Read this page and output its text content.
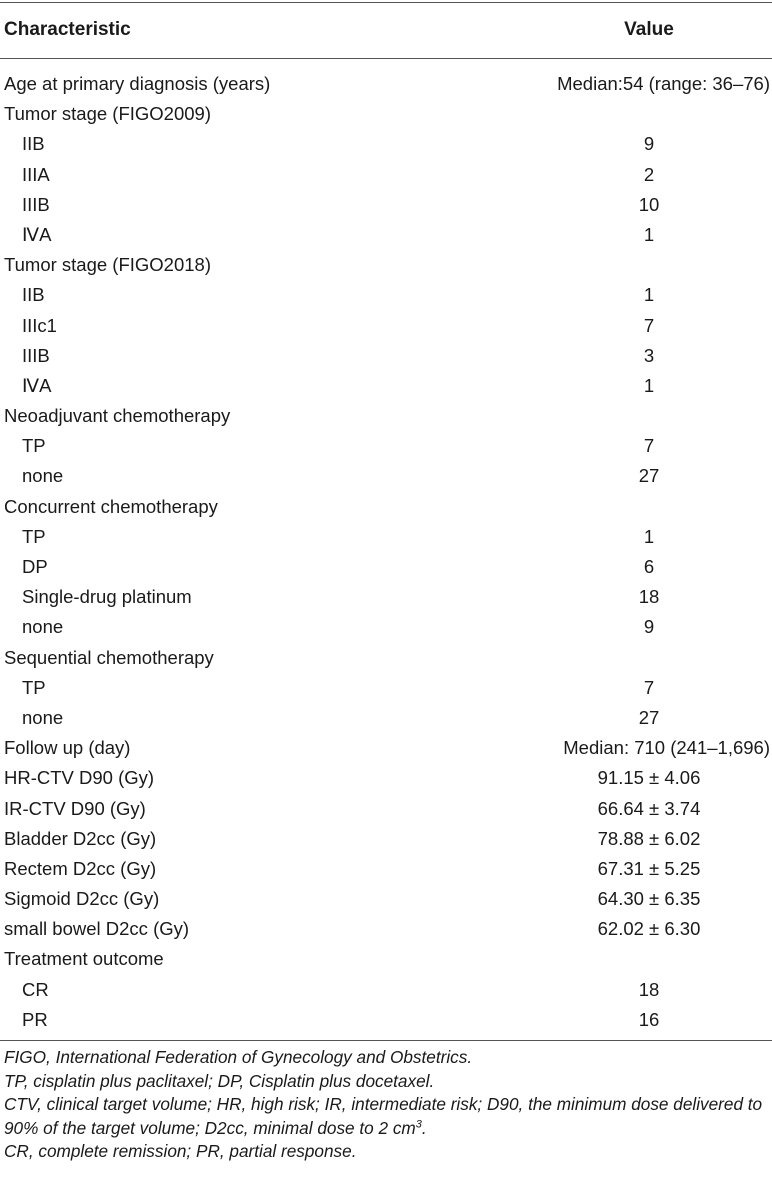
Characteristic	Value
Age at primary diagnosis (years)	Median:54 (range: 36–76)
Tumor stage (FIGO2009)
IIB	9
IIIA	2
IIIB	10
ⅣA	1
Tumor stage (FIGO2018)
IIB	1
IIIc1	7
IIIB	3
ⅣA	1
Neoadjuvant chemotherapy
TP	7
none	27
Concurrent chemotherapy
TP	1
DP	6
Single-drug platinum	18
none	9
Sequential chemotherapy
TP	7
none	27
Follow up (day)	Median: 710 (241–1,696)
HR-CTV D90 (Gy)	91.15 ± 4.06
IR-CTV D90 (Gy)	66.64 ± 3.74
Bladder D2cc (Gy)	78.88 ± 6.02
Rectem D2cc (Gy)	67.31 ± 5.25
Sigmoid D2cc (Gy)	64.30 ± 6.35
small bowel D2cc (Gy)	62.02 ± 6.30
Treatment outcome
CR	18
PR	16

FIGO, International Federation of Gynecology and Obstetrics.

TP, cisplatin plus paclitaxel; DP, Cisplatin plus docetaxel.

CTV, clinical target volume; HR, high risk; IR, intermediate risk; D90, the minimum dose delivered to 90% of the target volume; D2cc, minimal dose to 2 $cm^3$.

CR, complete remission; PR, partial response.
